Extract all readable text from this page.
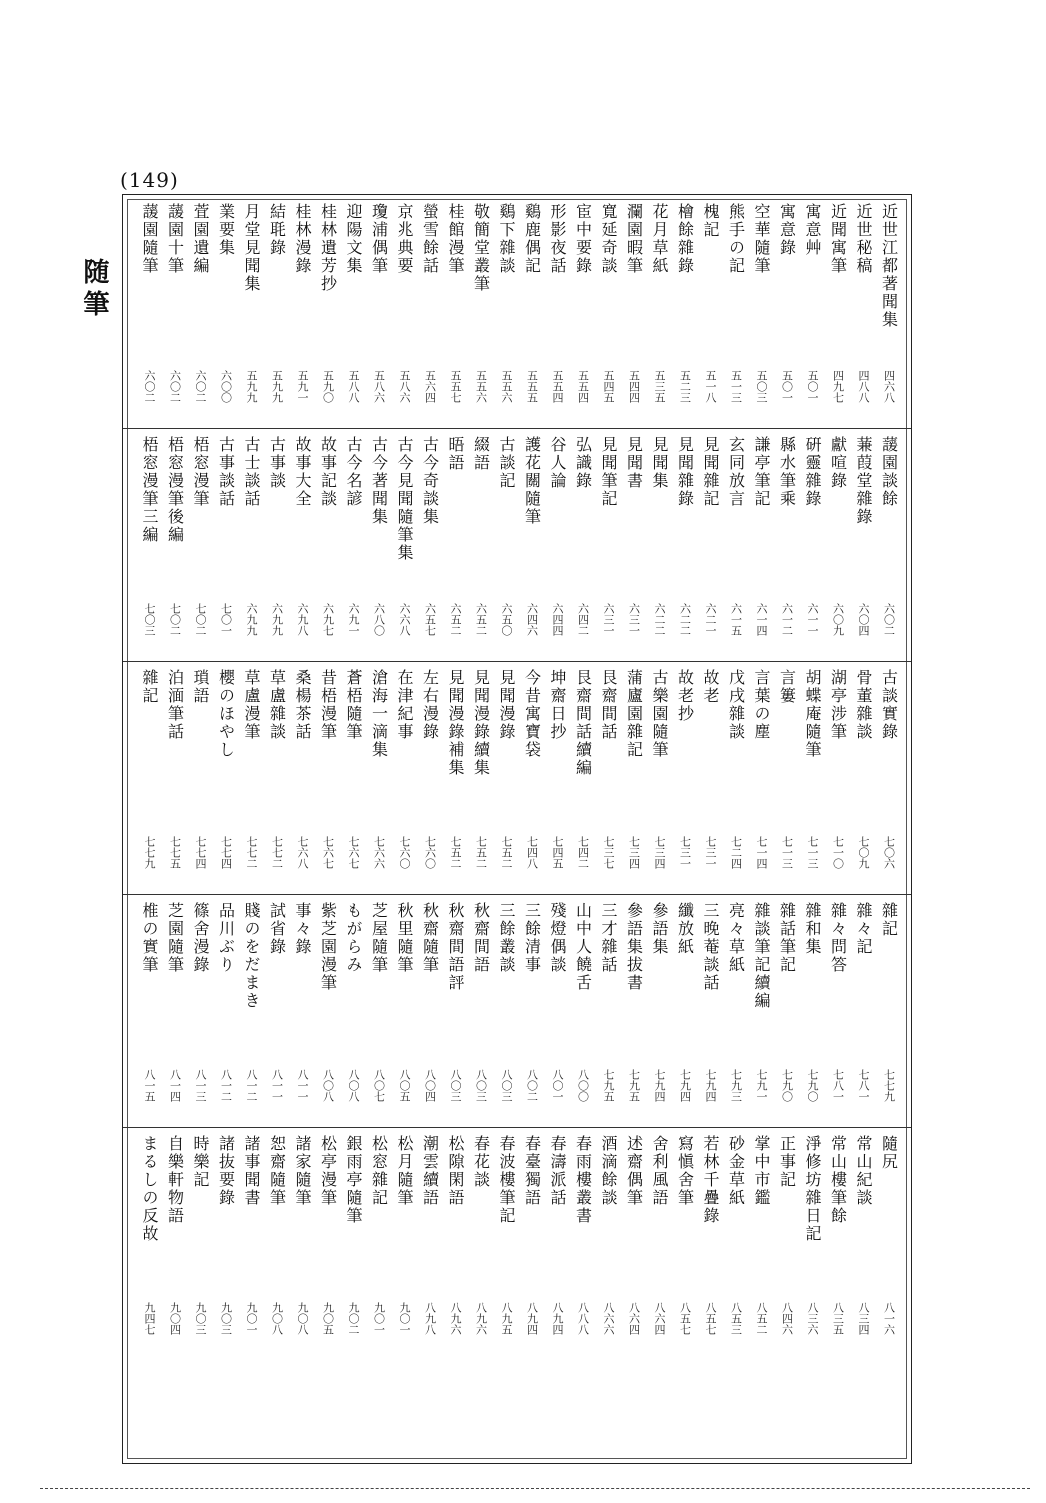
(149)
随筆	近世江都著聞集
四六八
近世秘稿
四八八
近聞寓筆
四九七
寓意艸
五〇一
寓意錄
五〇一
空華隨筆
五〇三
熊手の記
五一三
槐記
五一八
檜餘雜錄
五二三
花月草紙
五三五
瀾園暇筆
五四四
寬延奇談
五四五
宦中要錄
五五四
形影夜話
五五四
鷄鹿偶記
五五五
鷄下雜談
五五六
敬簡堂叢筆
五五六
桂館漫筆
五五七
螢雪餘話
五六四
京兆典要
五八六
瓊浦偶筆
五八六
迎陽文集
五八八
桂林遺芳抄
五九〇
桂林漫錄
五九一
結毦錄
五九九
月堂見聞集
五九九
業要集
六〇〇
萓園遺編
六〇二
蘐園十筆
六〇二
蘐園隨筆
六〇二
蘐園談餘
六〇二
蒹葭堂雜錄
六〇四
獻喧錄
六〇九
硏靈雜錄
六一一
縣水筆乘
六一二
謙亭筆記
六一四
玄同放言
六一五
見聞雜記
六二一
見聞雜錄
六二二
見聞集
六二二
見聞書
六三一
見聞筆記
六三一
弘識錄
六四二
谷人論
六四四
護花關隨筆
六四六
古談記
六五〇
綴語
六五二
晤語
六五二
古今奇談集
六五七
古今見聞隨筆集
六六八
古今著聞集
六八〇
古今名諺
六九一
故事記談
六九七
故事大全
六九八
古事談
六九九
古士談話
六九九
古事談話
七〇一
梧窓漫筆
七〇二
梧窓漫筆後編
七〇二
梧窓漫筆三編
七〇三
古談實錄
七〇六
骨董雜談
七〇九
湖亭涉筆
七一〇
胡蝶庵隨筆
七一三
言簍
七一三
言葉の塵
七一四
戊戌雜談
七二四
故老
七三一
故老抄
七三一
古樂園隨筆
七三四
蒲廬園雜記
七三四
艮齋間話
七三七
艮齋間話續編
七四二
坤齋日抄
七四五
今昔寓寶袋
七四八
見聞漫錄
七五二
見聞漫錄續集
七五二
見聞漫錄補集
七五二
左右漫錄
七六〇
在津紀事
七六〇
滄海一滴集
七六六
蒼梧隨筆
七六七
昔梧漫筆
七六七
桑楊茶話
七六八
草盧雜談
七七二
草盧漫筆
七七二
櫻のほやし
七七四
瑣語
七七四
泊湎筆話
七七五
雜記
七七九
雜記
七七九
雜々記
七八一
雜々問答
七八一
雜和集
七九〇
雜話筆記
七九〇
雜談筆記續編
七九一
亮々草紙
七九三
三晚菴談話
七九四
纖放紙
七九四
參語集
七九四
參語集拔書
七九五
三才雜話
七九五
山中人饒舌
八〇〇
殘燈偶談
八〇一
三餘清事
八〇二
三餘叢談
八〇三
秋齋間語
八〇三
秋齋間語評
八〇三
秋齋隨筆
八〇四
秋里隨筆
八〇五
芝屋隨筆
八〇七
もがらみ
八〇八
紫芝園漫筆
八〇八
事々錄
八一一
試省錄
八一一
賤のをだまき
八一二
品川ぶり
八一二
篠舍漫錄
八一三
芝園隨筆
八一四
椎の實筆
八一五
隨尻
八一六
常山紀談
八三四
常山樓筆餘
八三五
淨修坊雜日記
八三六
正事記
八四六
掌中市鑑
八五二
砂金草紙
八五三
若林千疊錄
八五七
寫愼舍筆
八五七
舍利風語
八六四
述齋偶筆
八六四
酒滴餘談
八六六
春雨樓叢書
八八八
春濤派話
八九四
春臺獨語
八九四
春波樓筆記
八九五
春花談
八九六
松隙閑語
八九六
潮雲續語
八九八
松月隨筆
九〇一
松窓雜記
九〇一
銀雨亭隨筆
九〇二
松亭漫筆
九〇五
諸家隨筆
九〇八
恕齋隨筆
九〇八
諸事聞書
九〇一
諸抜要錄
九〇三
時樂記
九〇三
自樂軒物語
九〇四
まるしの反故
九四七
